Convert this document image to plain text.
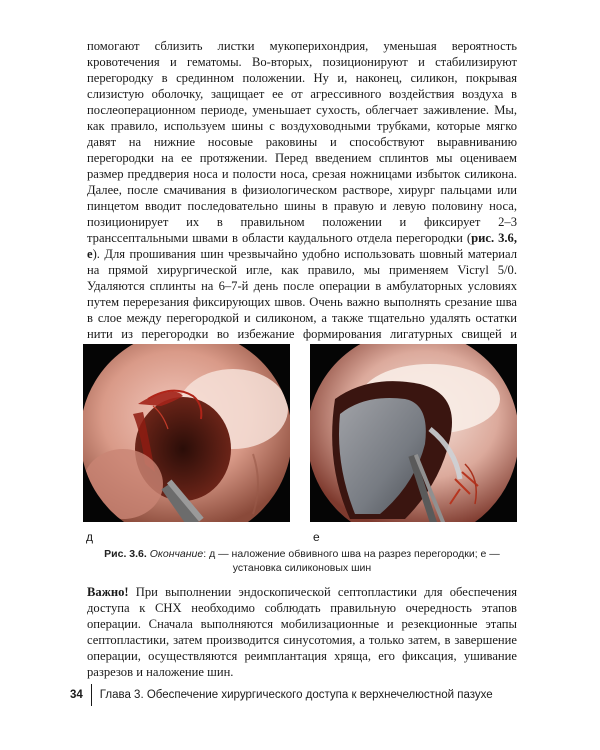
помогают сблизить листки мукоперихондрия, уменьшая вероятность кровотечения и гематомы. Во-вторых, позиционируют и стабилизируют перегородку в срединном положении. Ну и, наконец, силикон, покрывая слизистую оболочку, защищает ее от агрессивного воздействия воздуха в послеоперационном периоде, уменьшает сухость, облегчает заживление. Мы, как правило, используем шины с воздуховодными трубками, которые мягко давят на нижние носовые раковины и способствуют выравниванию перегородки на ее протяжении. Перед введением сплинтов мы оцениваем размер преддверия носа и полости носа, срезая ножницами избыток силикона. Далее, после смачивания в физиологическом растворе, хирург пальцами или пинцетом вводит последовательно шины в правую и левую половину носа, позиционирует их в правильном положении и фиксирует 2–3 транссептальными швами в области каудального отдела перегородки (рис. 3.6, е). Для прошивания шин чрезвычайно удобно использовать шовный материал на прямой хирургической игле, как правило, мы применяем Vicryl 5/0. Удаляются сплинты на 6–7-й день после операции в амбулаторных условиях путем перерезания фиксирующих швов. Очень важно выполнять срезание шва в слое между перегородкой и силиконом, а также тщательно удалять остатки нити из перегородки во избежание формирования лигатурных свищей и

д	е
Рис. 3.6. Окончание: д — наложение обвивного шва на разрез перегородки; е — установка силиконовых шин

Важно! При выполнении эндоскопической септопластики для обеспечения доступа к СНХ необходимо соблюдать правильную очередность этапов операции. Сначала выполняются мобилизационные и резекционные этапы септопластики, затем производится синусотомия, а только затем, в завершение операции, осуществляются реимплантация хряща, его фиксация, ушивание разрезов и наложение шин.

34	Глава 3. Обеспечение хирургического доступа к верхнечелюстной пазухе
